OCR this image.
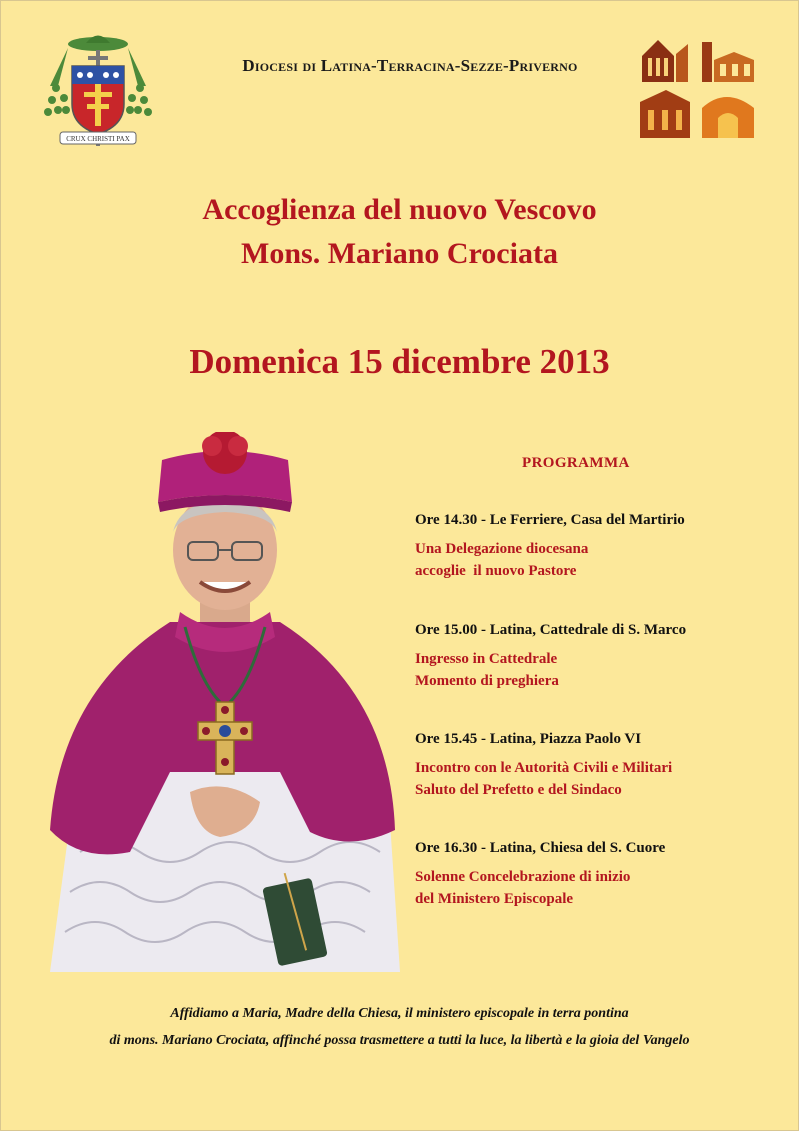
CRUX CHRISTI PAX
Diocesi di Latina-Terracina-Sezze-Priverno
Accoglienza del nuovo Vescovo
Mons. Mariano Crociata
Domenica 15 dicembre 2013
PROGRAMMA
Ore 14.30 - Le Ferriere, Casa del Martirio
Una Delegazione diocesana
accoglie  il nuovo Pastore
Ore 15.00 - Latina, Cattedrale di S. Marco
Ingresso in Cattedrale
Momento di preghiera
Ore 15.45 - Latina, Piazza Paolo VI
Incontro con le Autorità Civili e Militari
Saluto del Prefetto e del Sindaco
Ore 16.30 - Latina, Chiesa del S. Cuore
Solenne Concelebrazione di inizio
del Ministero Episcopale
Affidiamo a Maria, Madre della Chiesa, il ministero episcopale in terra pontina
di mons. Mariano Crociata, affinché possa trasmettere a tutti la luce, la libertà e la gioia del Vangelo
